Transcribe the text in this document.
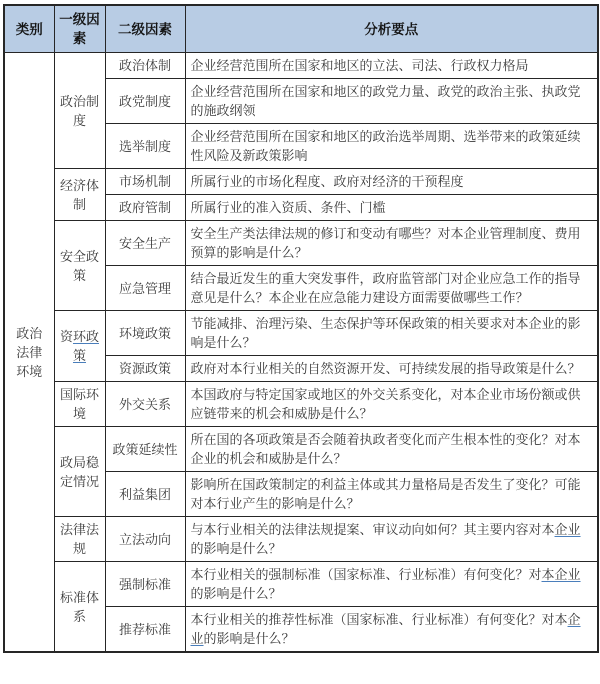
类别	一级因素	二级因素	分析要点
政治法律环境	政治制度	政治体制	企业经营范围所在国家和地区的立法、司法、行政权力格局
		政党制度	企业经营范围所在国家和地区的政党力量、政党的政治主张、执政党的施政纲领
		选举制度	企业经营范围所在国家和地区的政治选举周期、选举带来的政策延续性风险及新政策影响
	经济体制	市场机制	所属行业的市场化程度、政府对经济的干预程度
		政府管制	所属行业的准入资质、条件、门槛
	安全政策	安全生产	安全生产类法律法规的修订和变动有哪些？对本企业管理制度、费用预算的影响是什么？
		应急管理	结合最近发生的重大突发事件，政府监管部门对企业应急工作的指导意见是什么？本企业在应急能力建设方面需要做哪些工作？
	资环政策	环境政策	节能减排、治理污染、生态保护等环保政策的相关要求对本企业的影响是什么？
		资源政策	政府对本行业相关的自然资源开发、可持续发展的指导政策是什么？
	国际环境	外交关系	本国政府与特定国家或地区的外交关系变化，对本企业市场份额或供应链带来的机会和威胁是什么？
	政局稳定情况	政策延续性	所在国的各项政策是否会随着执政者变化而产生根本性的变化？对本企业的机会和威胁是什么？
		利益集团	影响所在国政策制定的利益主体或其力量格局是否发生了变化？可能对本行业产生的影响是什么？
	法律法规	立法动向	与本行业相关的法律法规提案、审议动向如何？其主要内容对本企业的影响是什么？
	标准体系	强制标准	本行业相关的强制标准（国家标准、行业标准）有何变化？对本企业的影响是什么？
		推荐标准	本行业相关的推荐性标准（国家标准、行业标准）有何变化？对本企业的影响是什么？
